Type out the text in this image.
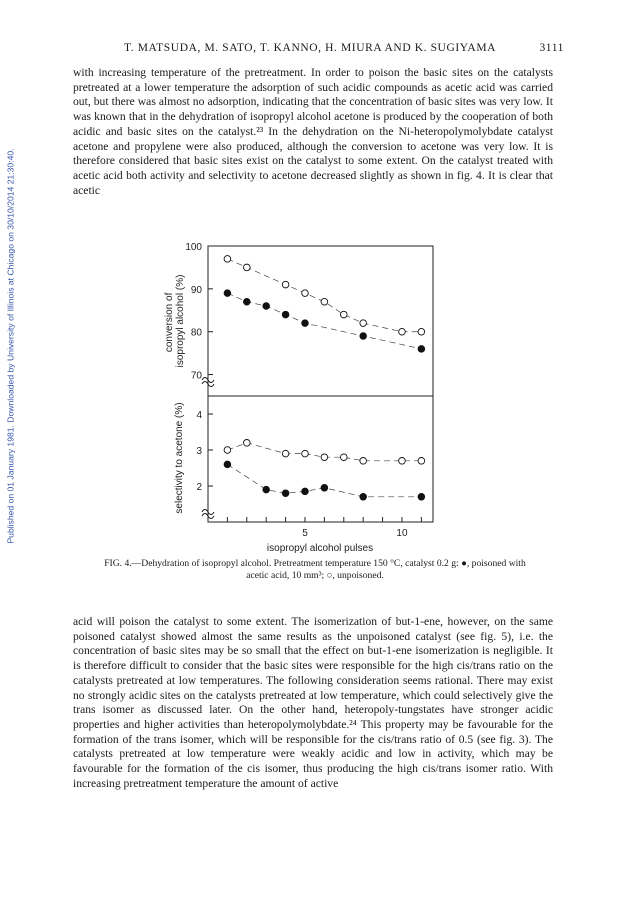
Published on 01 January 1981. Downloaded by University of Illinois at Chicago on 30/10/2014 21:30:40.
T. MATSUDA, M. SATO, T. KANNO, H. MIURA AND K. SUGIYAMA	3111

with increasing temperature of the pretreatment. In order to poison the basic sites on the catalysts pretreated at a lower temperature the adsorption of such acidic compounds as acetic acid was carried out, but there was almost no adsorption, indicating that the concentration of basic sites was very low. It was known that in the dehydration of isopropyl alcohol acetone is produced by the cooperation of both acidic and basic sites on the catalyst.²³ In the dehydration on the Ni-heteropolymolybdate catalyst acetone and propylene were also produced, although the conversion to acetone was very low. It is therefore considered that basic sites exist on the catalyst to some extent. On the catalyst treated with acetic acid both activity and selectivity to acetone decreased slightly as shown in fig. 4. It is clear that acetic

100
90
80
70
4
3
2
5	10
conversion of isopropyl alcohol (%)
selectivity to acetone (%)
isopropyl alcohol pulses

FIG. 4.—Dehydration of isopropyl alcohol. Pretreatment temperature 150 °C, catalyst 0.2 g: ●, poisoned with acetic acid, 10 mm³; ○, unpoisoned.

acid will poison the catalyst to some extent. The isomerization of but-1-ene, however, on the same poisoned catalyst showed almost the same results as the unpoisoned catalyst (see fig. 5), i.e. the concentration of basic sites may be so small that the effect on but-1-ene isomerization is negligible. It is therefore difficult to consider that the basic sites were responsible for the high cis/trans ratio on the catalysts pretreated at low temperatures. The following consideration seems rational. There may exist no strongly acidic sites on the catalysts pretreated at low temperature, which could selectively give the trans isomer as discussed later. On the other hand, heteropoly-tungstates have stronger acidic properties and higher activities than heteropolymolybdate.²⁴ This property may be favourable for the formation of the trans isomer, which will be responsible for the cis/trans ratio of 0.5 (see fig. 3). The catalysts pretreated at low temperature were weakly acidic and low in activity, which may be favourable for the formation of the cis isomer, thus producing the high cis/trans isomer ratio. With increasing pretreatment temperature the amount of active
